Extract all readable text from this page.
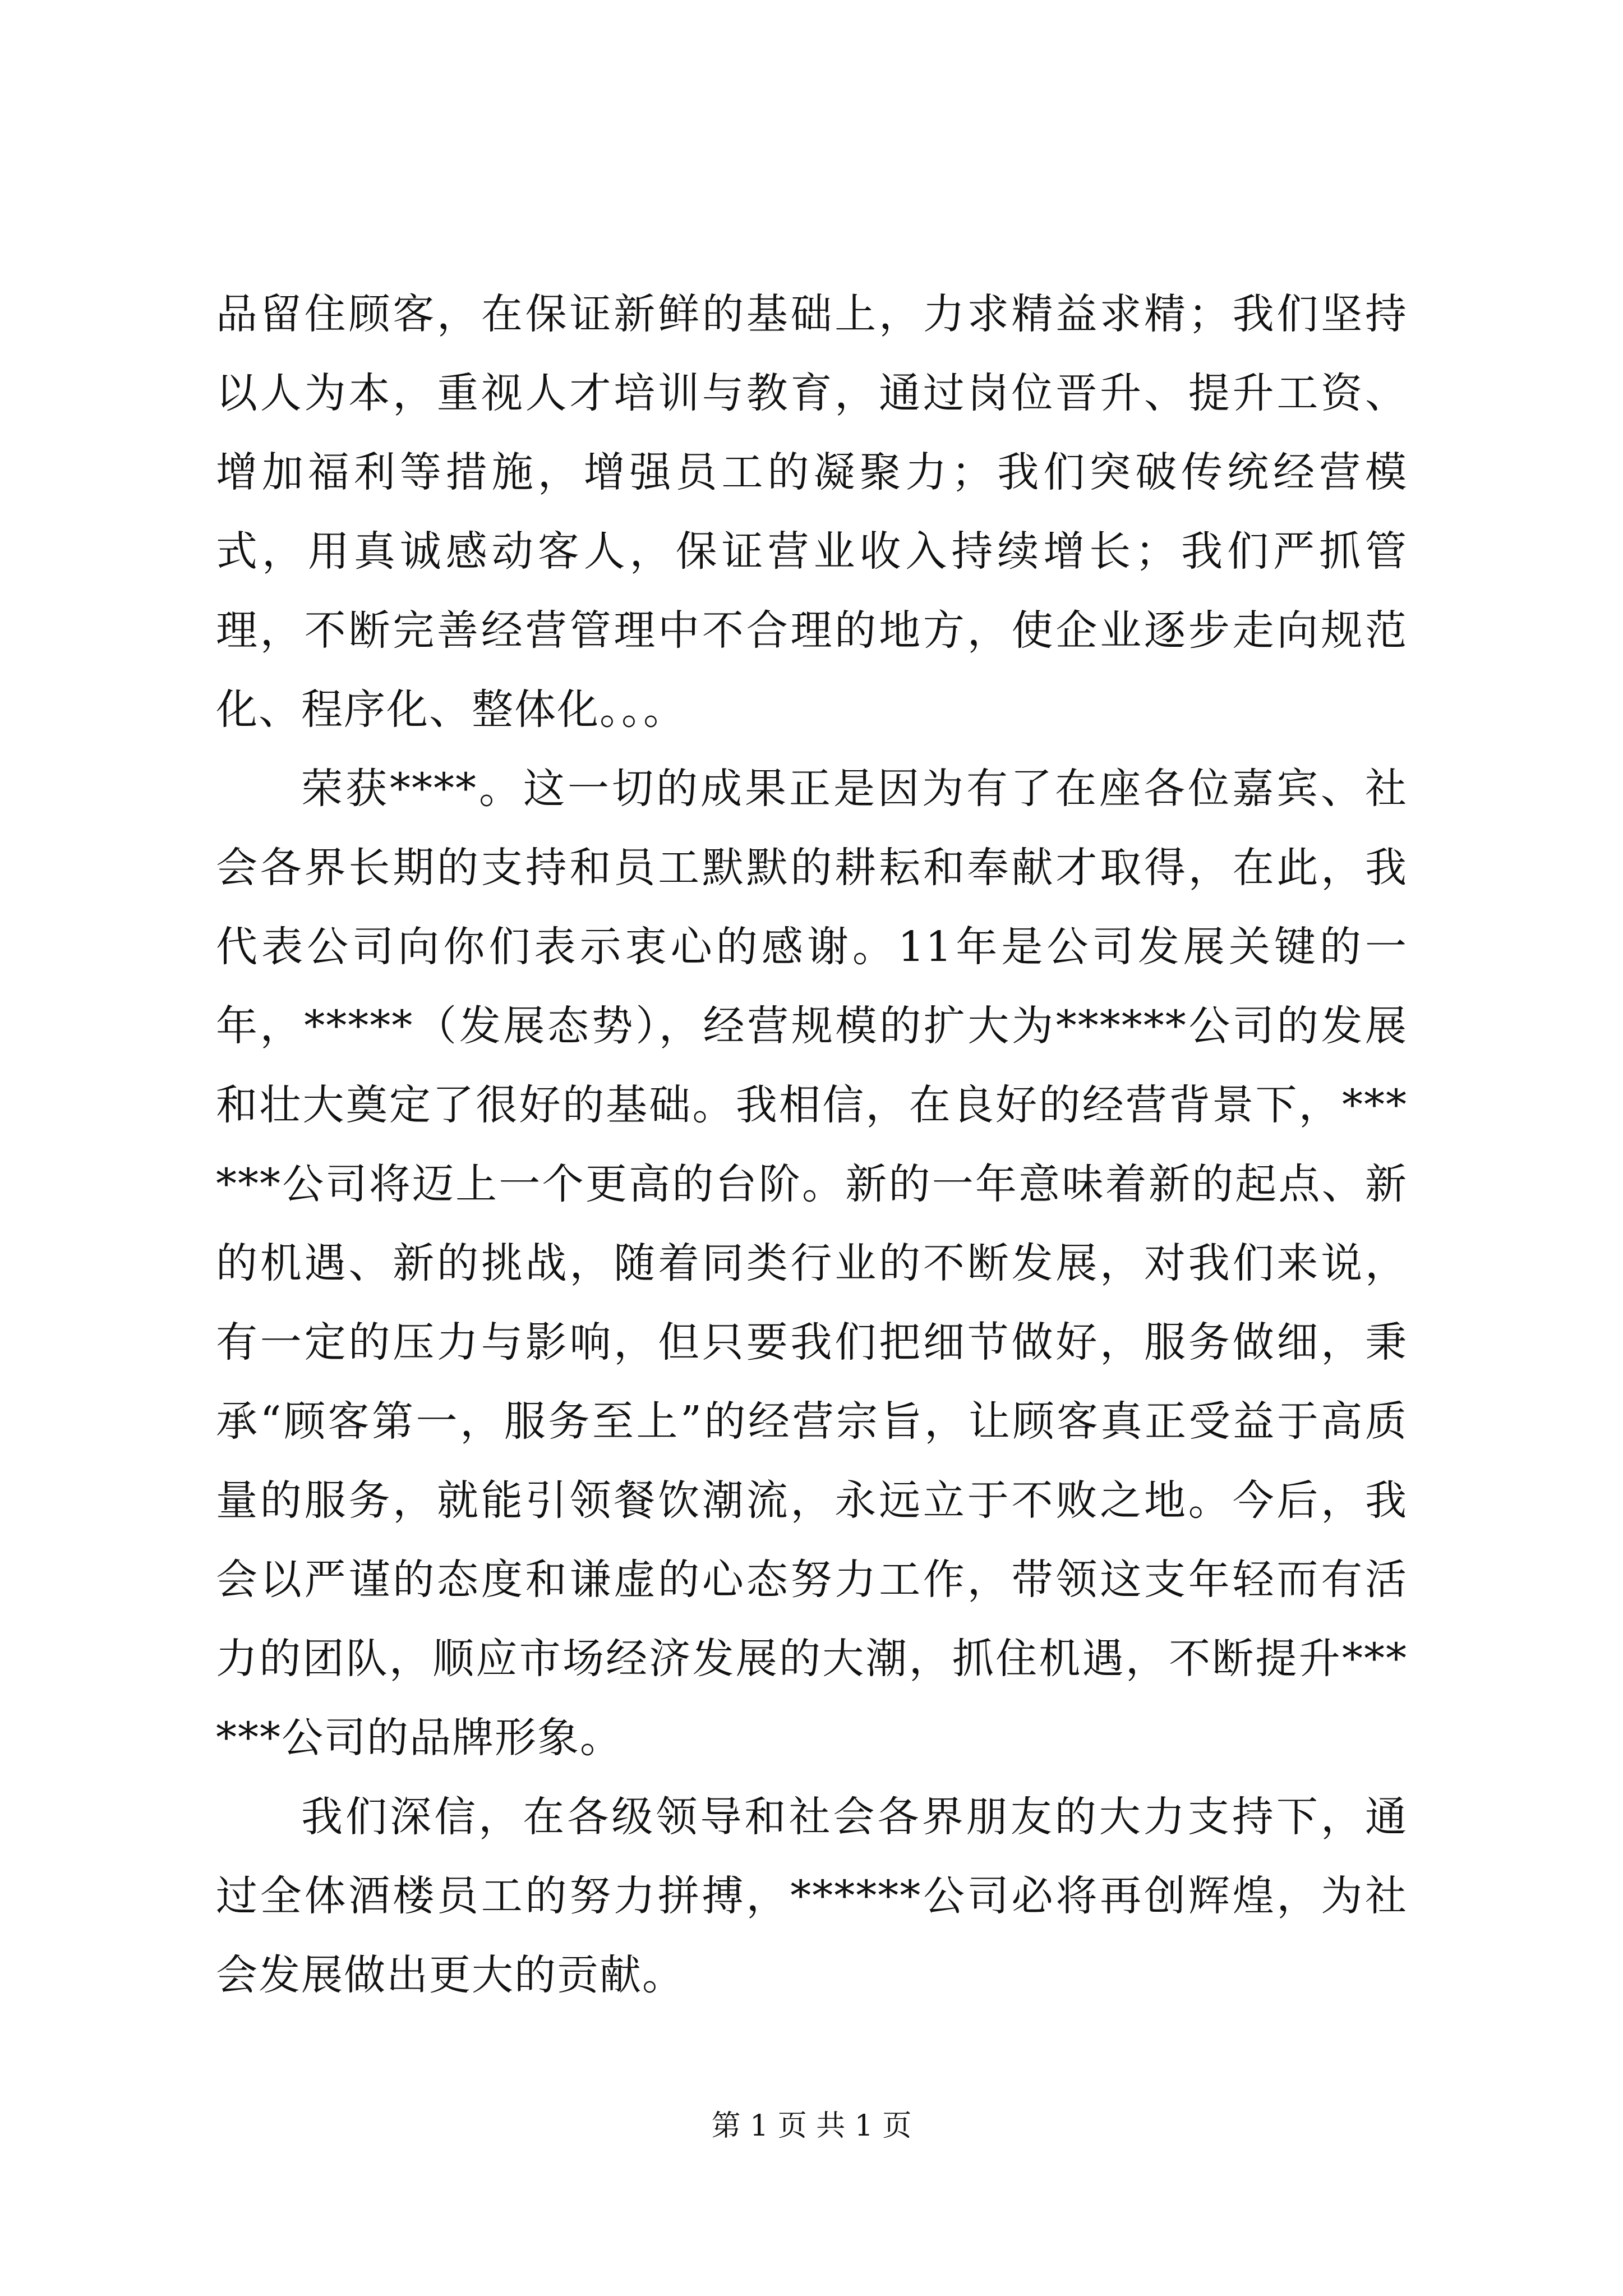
品留住顾客，在保证新鲜的基础上，力求精益求精；我们坚持以人为本，重视人才培训与教育，通过岗位晋升、提升工资、增加福利等措施，增强员工的凝聚力；我们突破传统经营模式，用真诚感动客人，保证营业收入持续增长；我们严抓管理，不断完善经营管理中不合理的地方，使企业逐步走向规范化、程序化、整体化。。。

荣获****。这一切的成果正是因为有了在座各位嘉宾、社会各界长期的支持和员工默默的耕耘和奉献才取得，在此，我代表公司向你们表示衷心的感谢。11年是公司发展关键的一年，*****（发展态势），经营规模的扩大为******公司的发展和壮大奠定了很好的基础。我相信，在良好的经营背景下，******公司将迈上一个更高的台阶。新的一年意味着新的起点、新的机遇、新的挑战，随着同类行业的不断发展，对我们来说，有一定的压力与影响，但只要我们把细节做好，服务做细，秉承“顾客第一，服务至上”的经营宗旨，让顾客真正受益于高质量的服务，就能引领餐饮潮流，永远立于不败之地。今后，我会以严谨的态度和谦虚的心态努力工作，带领这支年轻而有活力的团队，顺应市场经济发展的大潮，抓住机遇，不断提升******公司的品牌形象。

我们深信，在各级领导和社会各界朋友的大力支持下，通过全体酒楼员工的努力拼搏，******公司必将再创辉煌，为社会发展做出更大的贡献。

第 1 页 共 1 页
